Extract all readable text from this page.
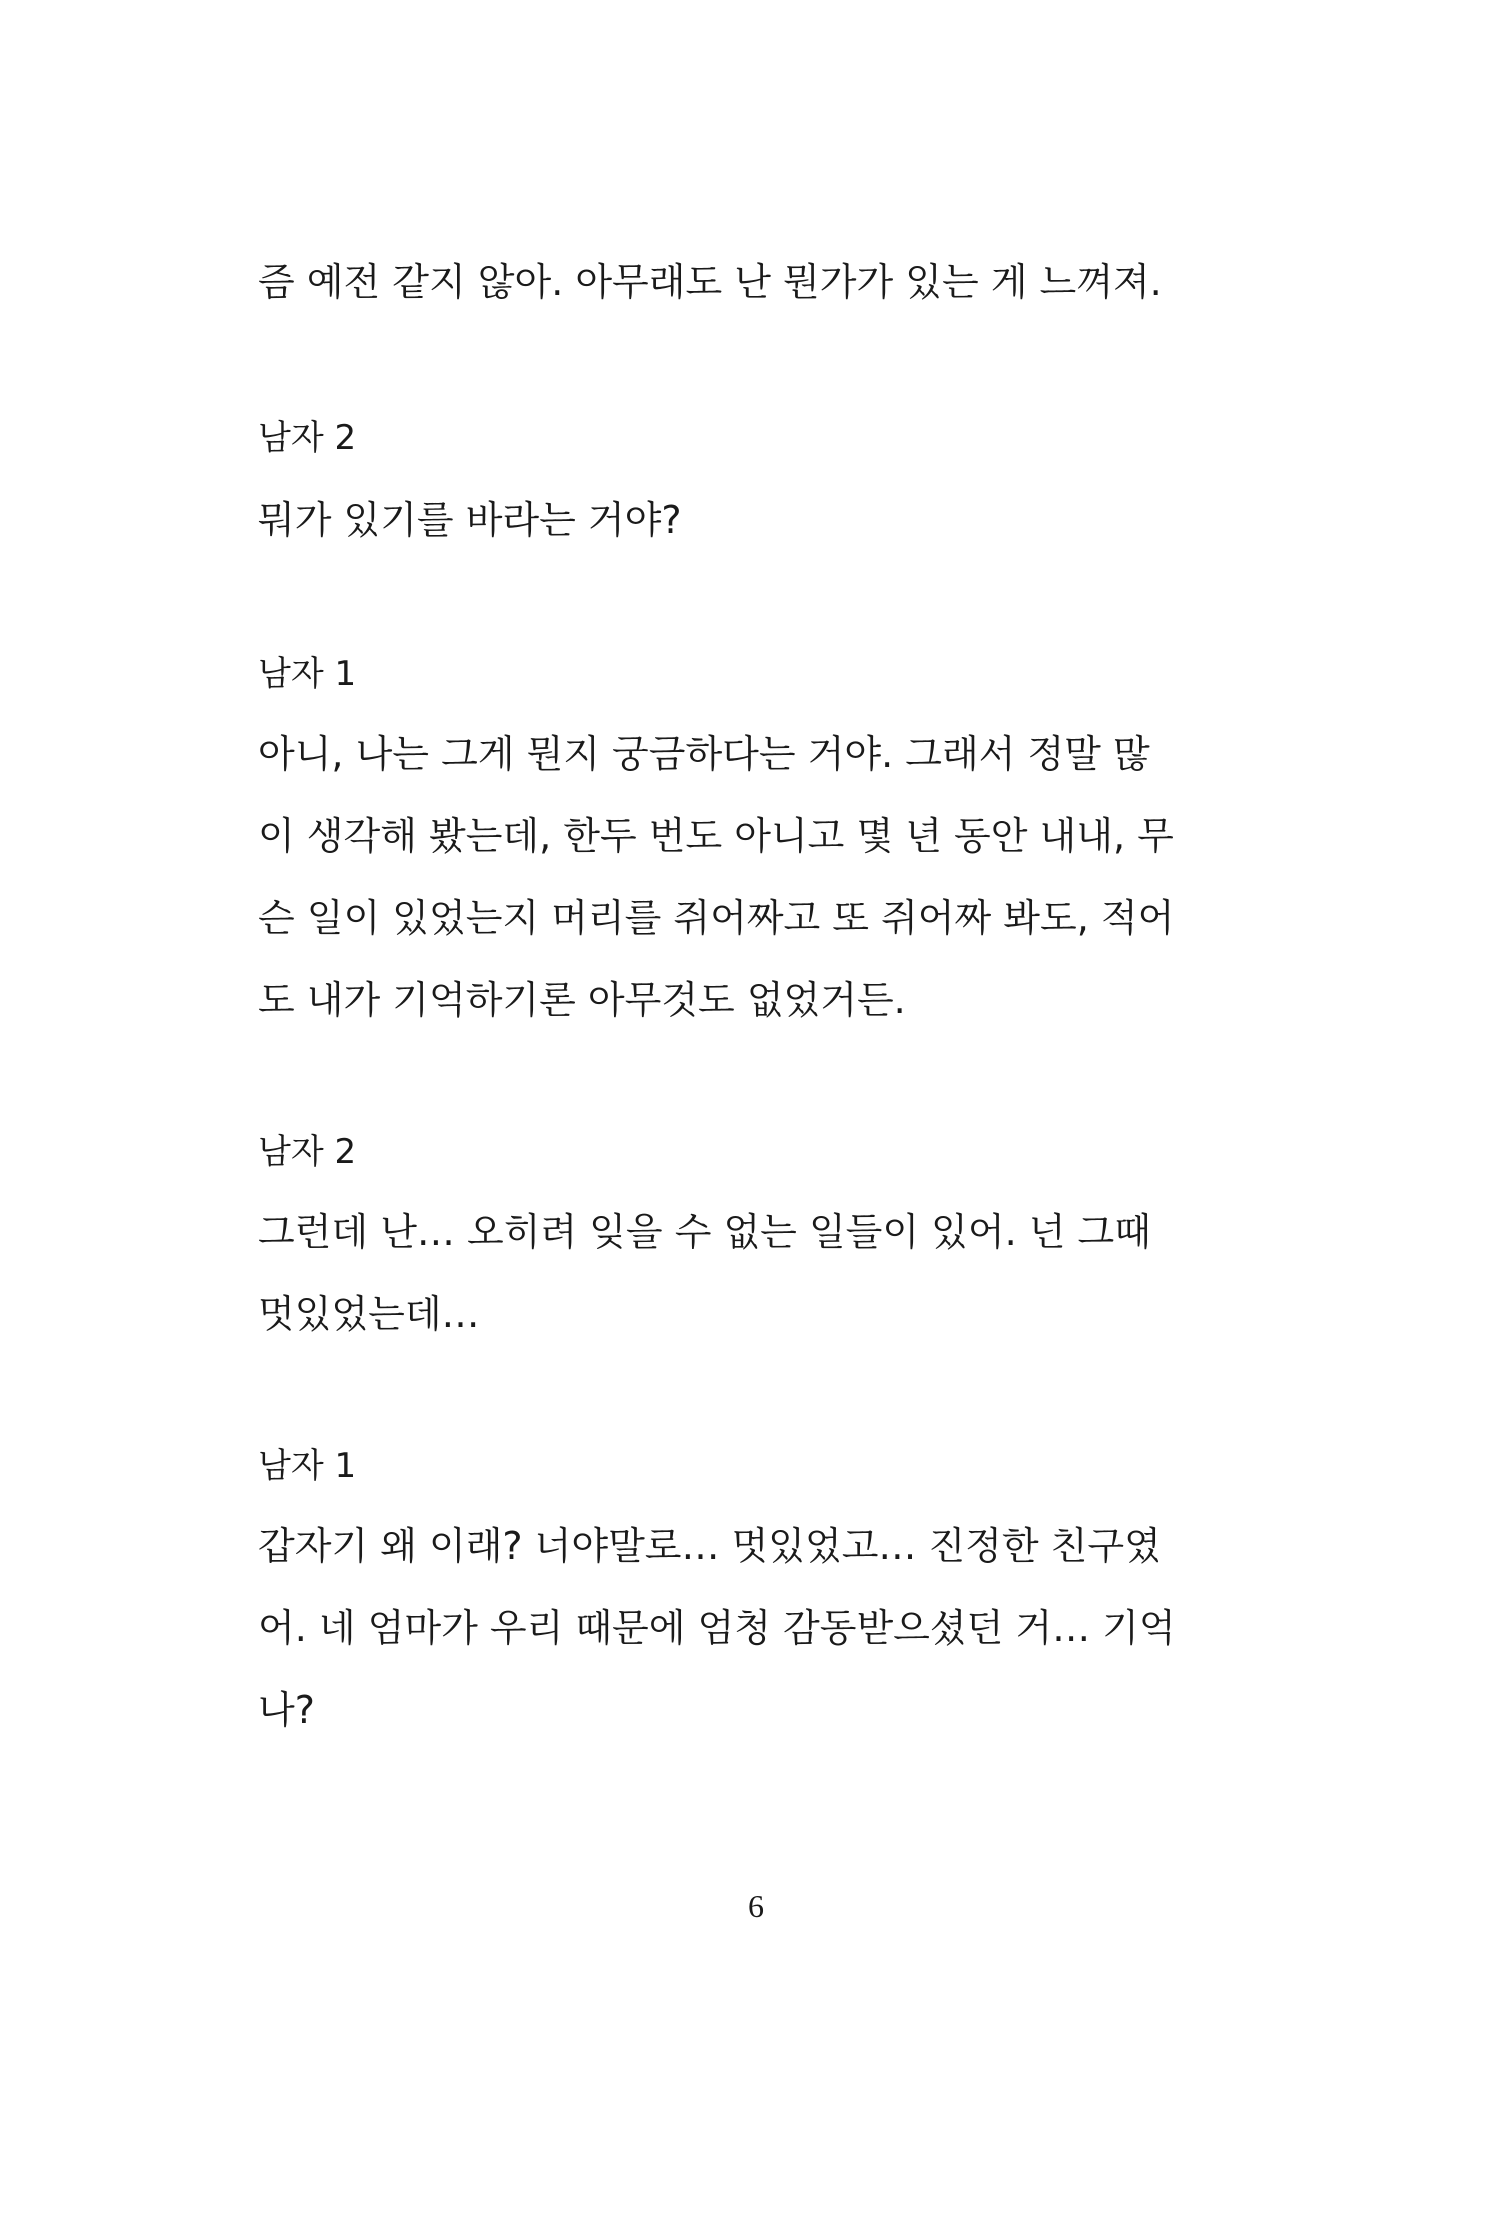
즘 예전 같지 않아. 아무래도 난 뭔가가 있는 게 느껴져.
남자 2
뭐가 있기를 바라는 거야?
남자 1
아니, 나는 그게 뭔지 궁금하다는 거야. 그래서 정말 많
이 생각해 봤는데, 한두 번도 아니고 몇 년 동안 내내, 무
슨 일이 있었는지 머리를 쥐어짜고 또 쥐어짜 봐도, 적어
도 내가 기억하기론 아무것도 없었거든.
남자 2
그런데 난… 오히려 잊을 수 없는 일들이 있어. 넌 그때
멋있었는데…
남자 1
갑자기 왜 이래? 너야말로… 멋있었고… 진정한 친구였
어. 네 엄마가 우리 때문에 엄청 감동받으셨던 거… 기억
나?
6
